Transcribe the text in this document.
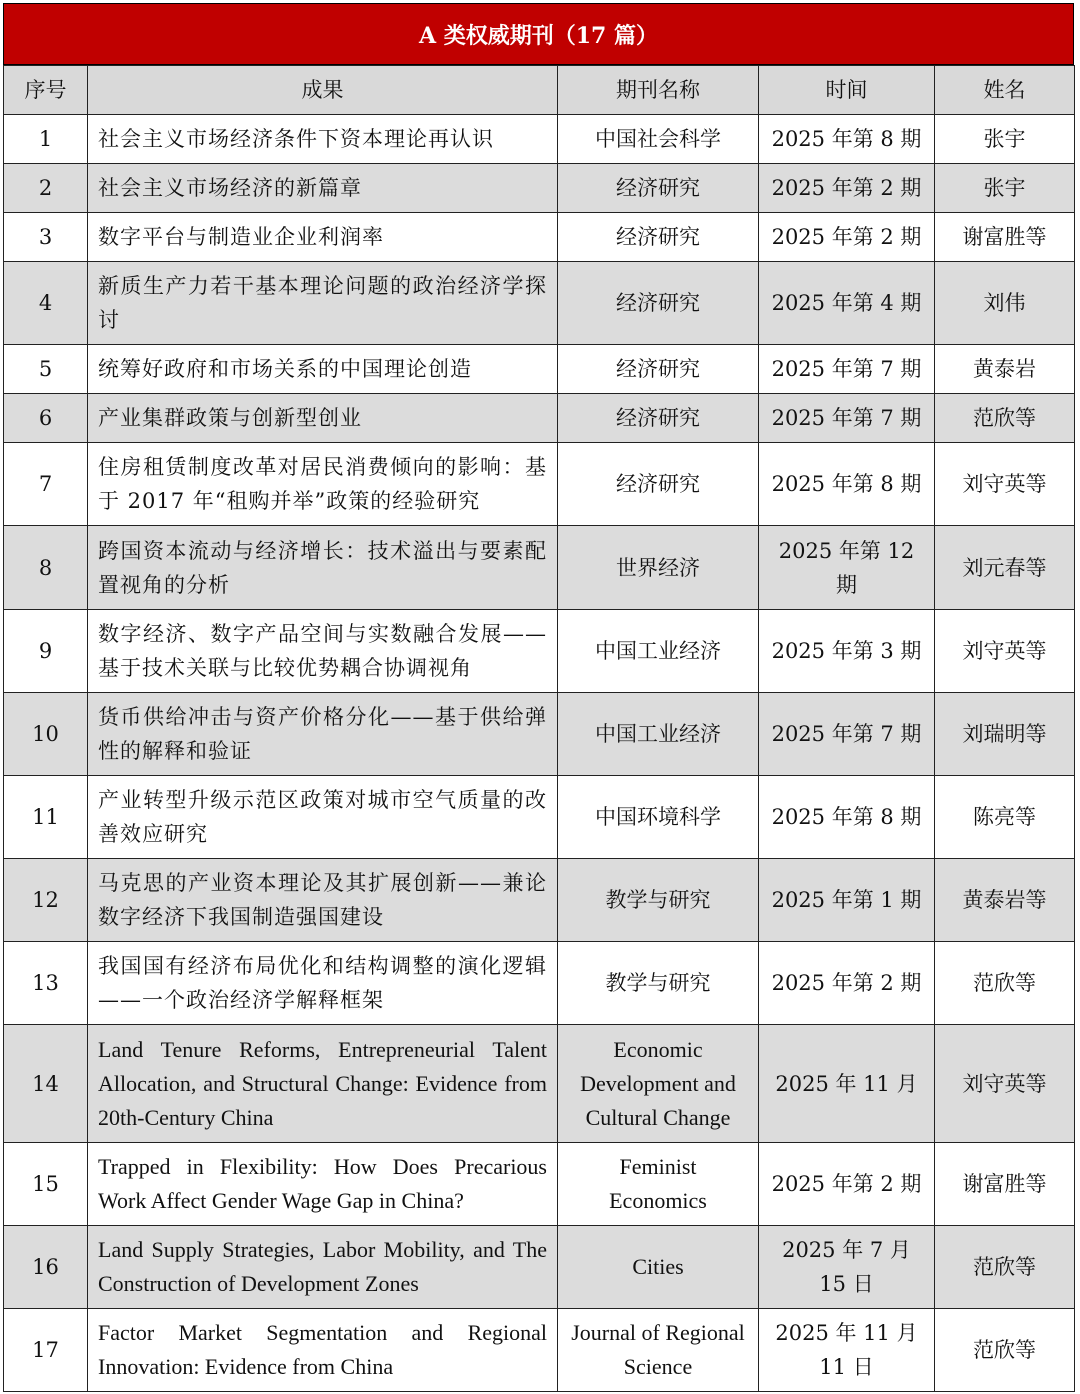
A 类权威期刊（17 篇）
序号	成果	期刊名称	时间	姓名
1	社会主义市场经济条件下资本理论再认识	中国社会科学	2025 年第 8 期	张宇
2	社会主义市场经济的新篇章	经济研究	2025 年第 2 期	张宇
3	数字平台与制造业企业利润率	经济研究	2025 年第 2 期	谢富胜等
4	新质生产力若干基本理论问题的政治经济学探讨	经济研究	2025 年第 4 期	刘伟
5	统筹好政府和市场关系的中国理论创造	经济研究	2025 年第 7 期	黄泰岩
6	产业集群政策与创新型创业	经济研究	2025 年第 7 期	范欣等
7	住房租赁制度改革对居民消费倾向的影响：基于 2017 年“租购并举”政策的经验研究	经济研究	2025 年第 8 期	刘守英等
8	跨国资本流动与经济增长：技术溢出与要素配置视角的分析	世界经济	2025 年第 12 期	刘元春等
9	数字经济、数字产品空间与实数融合发展——基于技术关联与比较优势耦合协调视角	中国工业经济	2025 年第 3 期	刘守英等
10	货币供给冲击与资产价格分化——基于供给弹性的解释和验证	中国工业经济	2025 年第 7 期	刘瑞明等
11	产业转型升级示范区政策对城市空气质量的改善效应研究	中国环境科学	2025 年第 8 期	陈亮等
12	马克思的产业资本理论及其扩展创新——兼论数字经济下我国制造强国建设	教学与研究	2025 年第 1 期	黄泰岩等
13	我国国有经济布局优化和结构调整的演化逻辑——一个政治经济学解释框架	教学与研究	2025 年第 2 期	范欣等
14	Land Tenure Reforms, Entrepreneurial Talent Allocation, and Structural Change: Evidence from 20th-Century China	Economic Development and Cultural Change	2025 年 11 月	刘守英等
15	Trapped in Flexibility: How Does Precarious Work Affect Gender Wage Gap in China?	Feminist Economics	2025 年第 2 期	谢富胜等
16	Land Supply Strategies, Labor Mobility, and The Construction of Development Zones	Cities	2025 年 7 月 15 日	范欣等
17	Factor Market Segmentation and Regional Innovation: Evidence from China	Journal of Regional Science	2025 年 11 月 11 日	范欣等
